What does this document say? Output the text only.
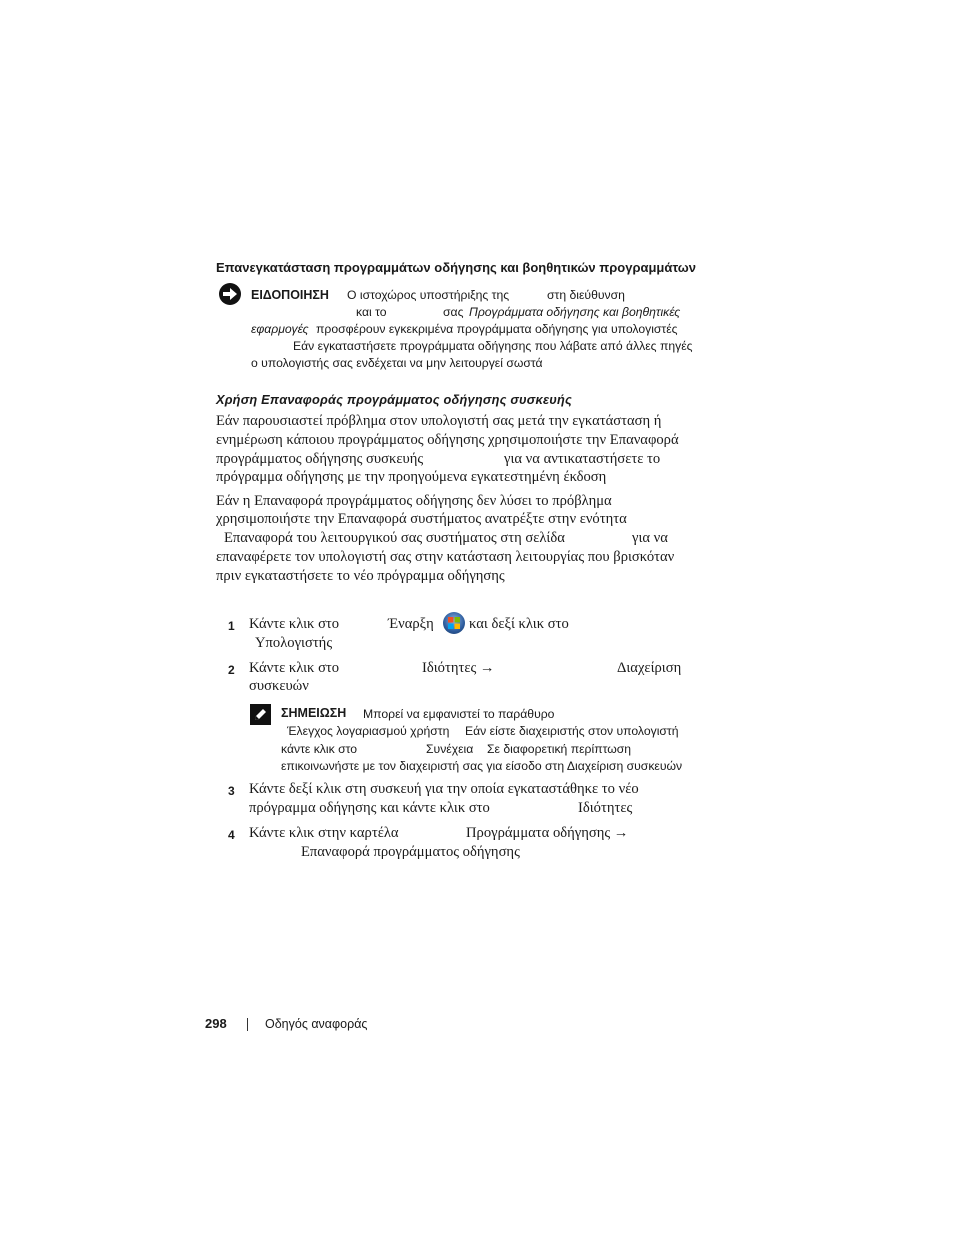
Επανεγκατάσταση προγραμμάτων οδήγησης και βοηθητικών προγραμμάτων
ΕΙΔΟΠΟΙΗΣΗ Ο ιστοχώρος υποστήριξης της	στη διεύθυνση
και το	σας Προγράμματα οδήγησης και βοηθητικές
εφαρμογές προσφέρουν εγκεκριμένα προγράμματα οδήγησης για υπολογιστές
Εάν εγκαταστήσετε προγράμματα οδήγησης που λάβατε από άλλες πηγές
ο υπολογιστής σας ενδέχεται να μην λειτουργεί σωστά
Χρήση Επαναφοράς προγράμματος οδήγησης συσκευής
Εάν παρουσιαστεί πρόβλημα στον υπολογιστή σας μετά την εγκατάσταση ή
ενημέρωση κάποιου προγράμματος οδήγησης χρησιμοποιήστε την Επαναφορά
προγράμματος οδήγησης συσκευής	για να αντικαταστήσετε το
πρόγραμμα οδήγησης με την προηγούμενα εγκατεστημένη έκδοση
Εάν η Επαναφορά προγράμματος οδήγησης δεν λύσει το πρόβλημα
χρησιμοποιήστε την Επαναφορά συστήματος ανατρέξτε στην ενότητα
Επαναφορά του λειτουργικού σας συστήματος στη σελίδα	για να
επαναφέρετε τον υπολογιστή σας στην κατάσταση λειτουργίας που βρισκόταν
πριν εγκαταστήσετε το νέο πρόγραμμα οδήγησης
1 Κάντε κλικ στο	Έναρξη και δεξί κλικ στο
Υπολογιστής
2 Κάντε κλικ στο	Ιδιότητες →	Διαχείριση
συσκευών
ΣΗΜΕΙΩΣΗ Μπορεί να εμφανιστεί το παράθυρο
Έλεγχος λογαριασμού χρήστη Εάν είστε διαχειριστής στον υπολογιστή
κάντε κλικ στο	Συνέχεια Σε διαφορετική περίπτωση
επικοινωνήστε με τον διαχειριστή σας για είσοδο στη Διαχείριση συσκευών
3 Κάντε δεξί κλικ στη συσκευή για την οποία εγκαταστάθηκε το νέο
πρόγραμμα οδήγησης και κάντε κλικ στο	Ιδιότητες
4 Κάντε κλικ στην καρτέλα	Προγράμματα οδήγησης →
Επαναφορά προγράμματος οδήγησης
298	Οδηγός αναφοράς
